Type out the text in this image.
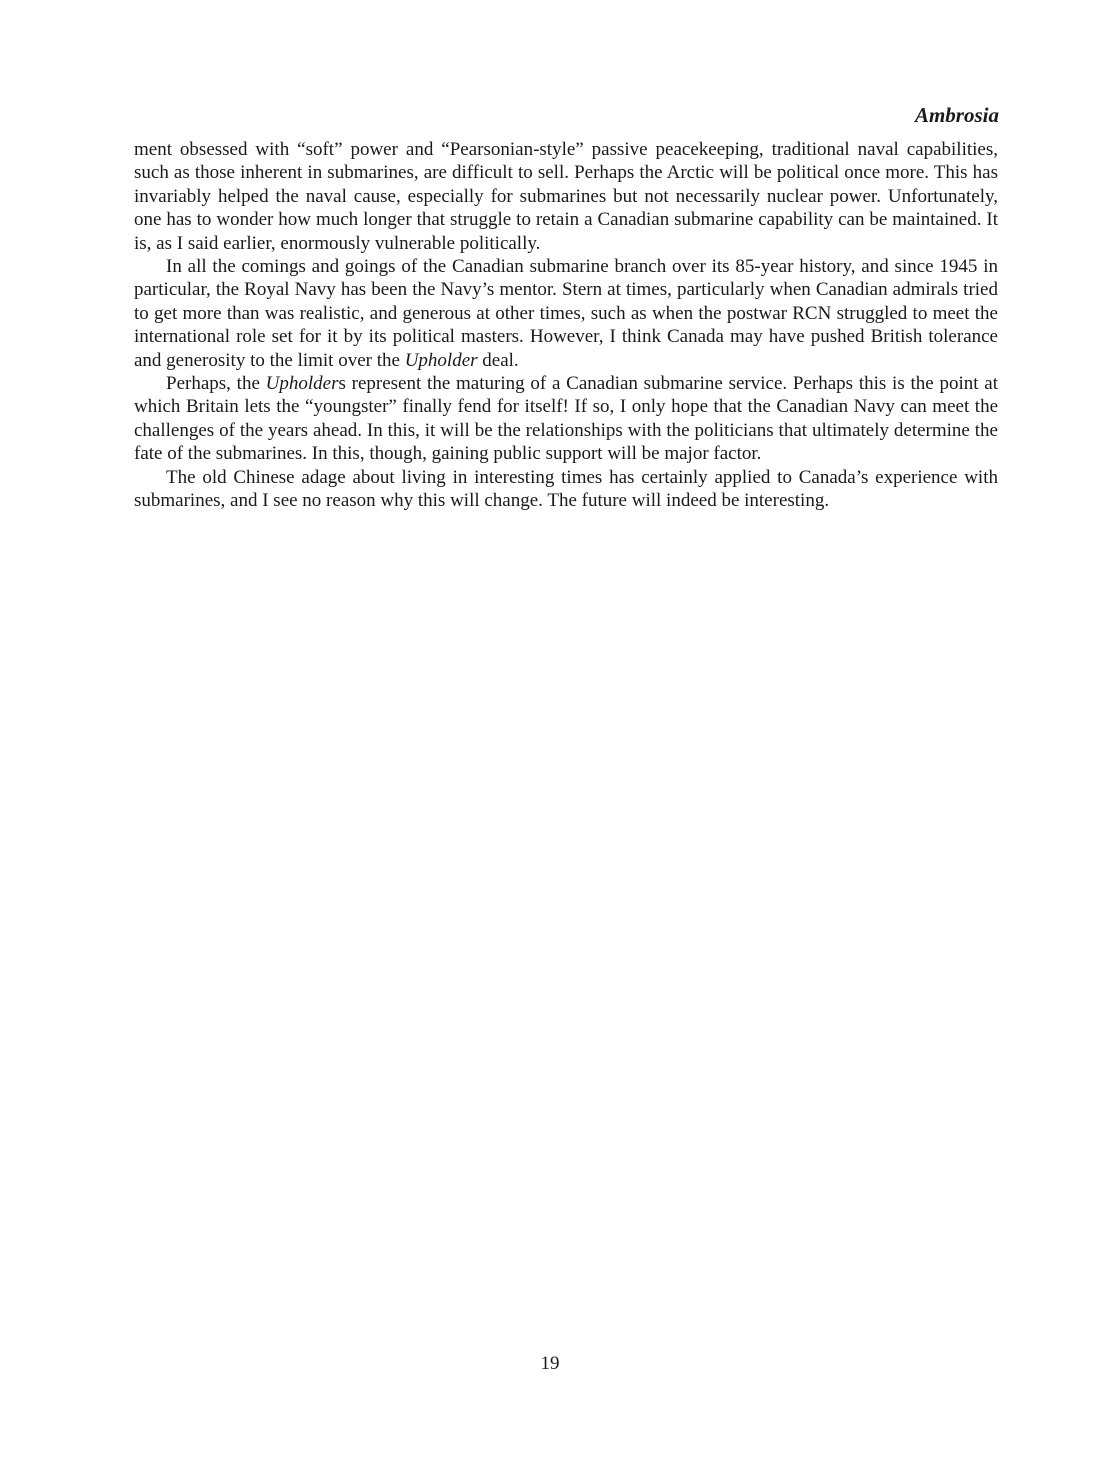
Ambrosia

ment obsessed with “soft” power and “Pearsonian-style” passive peacekeeping, traditional naval capabilities, such as those inherent in submarines, are difficult to sell. Perhaps the Arctic will be political once more. This has invariably helped the naval cause, especially for submarines but not necessarily nuclear power. Unfortunately, one has to wonder how much longer that struggle to retain a Canadian submarine capability can be maintained. It is, as I said earlier, enormously vulnerable politically.

In all the comings and goings of the Canadian submarine branch over its 85-year history, and since 1945 in particular, the Royal Navy has been the Navy’s mentor. Stern at times, particularly when Canadian admirals tried to get more than was realistic, and generous at other times, such as when the postwar RCN struggled to meet the international role set for it by its political masters. However, I think Canada may have pushed British tolerance and generosity to the limit over the Upholder deal.

Perhaps, the Upholders represent the maturing of a Canadian submarine service. Perhaps this is the point at which Britain lets the “youngster” finally fend for itself! If so, I only hope that the Canadian Navy can meet the challenges of the years ahead. In this, it will be the relationships with the politicians that ultimately determine the fate of the submarines. In this, though, gaining public support will be major factor.

The old Chinese adage about living in interesting times has certainly applied to Canada’s experience with submarines, and I see no reason why this will change. The future will indeed be interesting.

19
